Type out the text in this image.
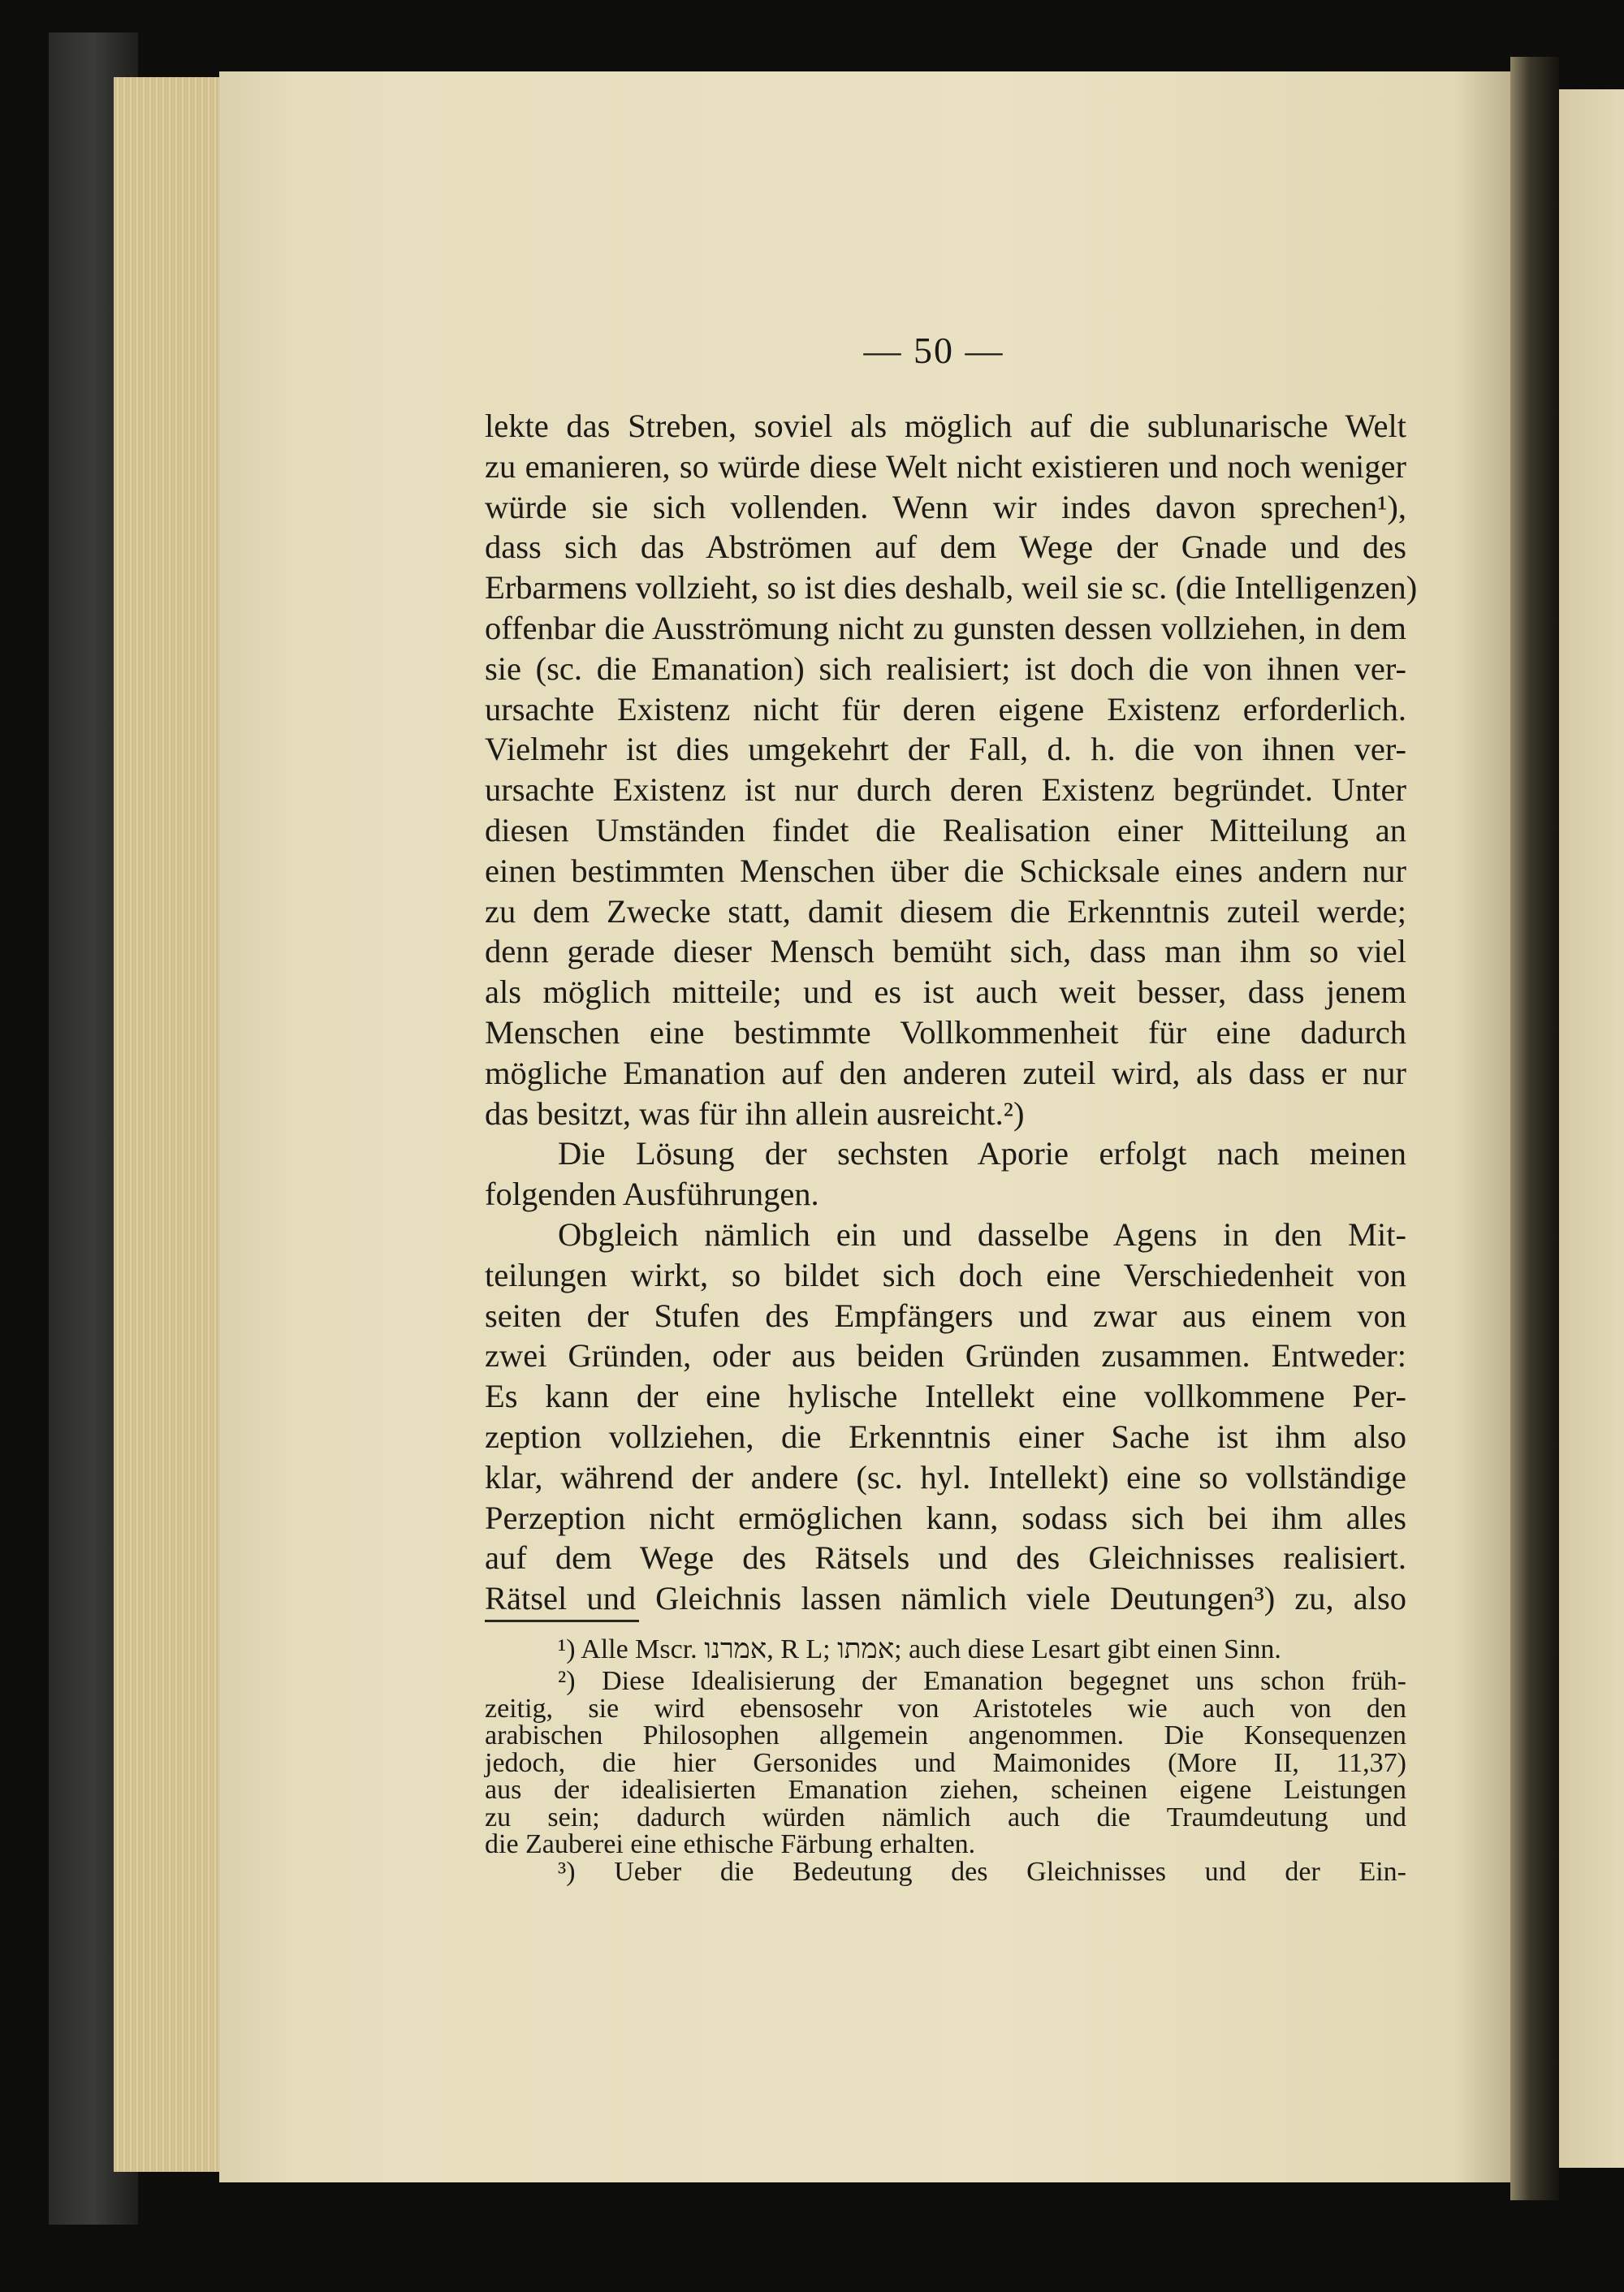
— 50 —
lekte das Streben, soviel als möglich auf die sublunarische Welt
zu emanieren, so würde diese Welt nicht existieren und noch weniger
würde sie sich vollenden. Wenn wir indes davon sprechen¹),
dass sich das Abströmen auf dem Wege der Gnade und des
Erbarmens vollzieht, so ist dies deshalb, weil sie sc. (die Intelligenzen)
offenbar die Ausströmung nicht zu gunsten dessen vollziehen, in dem
sie (sc. die Emanation) sich realisiert; ist doch die von ihnen ver-
ursachte Existenz nicht für deren eigene Existenz erforderlich.
Vielmehr ist dies umgekehrt der Fall, d. h. die von ihnen ver-
ursachte Existenz ist nur durch deren Existenz begründet. Unter
diesen Umständen findet die Realisation einer Mitteilung an
einen bestimmten Menschen über die Schicksale eines andern nur
zu dem Zwecke statt, damit diesem die Erkenntnis zuteil werde;
denn gerade dieser Mensch bemüht sich, dass man ihm so viel
als möglich mitteile; und es ist auch weit besser, dass jenem
Menschen eine bestimmte Vollkommenheit für eine dadurch
mögliche Emanation auf den anderen zuteil wird, als dass er nur
das besitzt, was für ihn allein ausreicht.²)
Die Lösung der sechsten Aporie erfolgt nach meinen
folgenden Ausführungen.
Obgleich nämlich ein und dasselbe Agens in den Mit-
teilungen wirkt, so bildet sich doch eine Verschiedenheit von
seiten der Stufen des Empfängers und zwar aus einem von
zwei Gründen, oder aus beiden Gründen zusammen. Entweder:
Es kann der eine hylische Intellekt eine vollkommene Per-
zeption vollziehen, die Erkenntnis einer Sache ist ihm also
klar, während der andere (sc. hyl. Intellekt) eine so vollständige
Perzeption nicht ermöglichen kann, sodass sich bei ihm alles
auf dem Wege des Rätsels und des Gleichnisses realisiert.
Rätsel und Gleichnis lassen nämlich viele Deutungen³) zu, also
¹) Alle Mscr. אמרנו, R L; אמתו; auch diese Lesart gibt einen Sinn.
²) Diese Idealisierung der Emanation begegnet uns schon früh-
zeitig, sie wird ebensosehr von Aristoteles wie auch von den
arabischen Philosophen allgemein angenommen. Die Konsequenzen
jedoch, die hier Gersonides und Maimonides (More II, 11,37)
aus der idealisierten Emanation ziehen, scheinen eigene Leistungen
zu sein; dadurch würden nämlich auch die Traumdeutung und
die Zauberei eine ethische Färbung erhalten.
³) Ueber die Bedeutung des Gleichnisses und der Ein-
